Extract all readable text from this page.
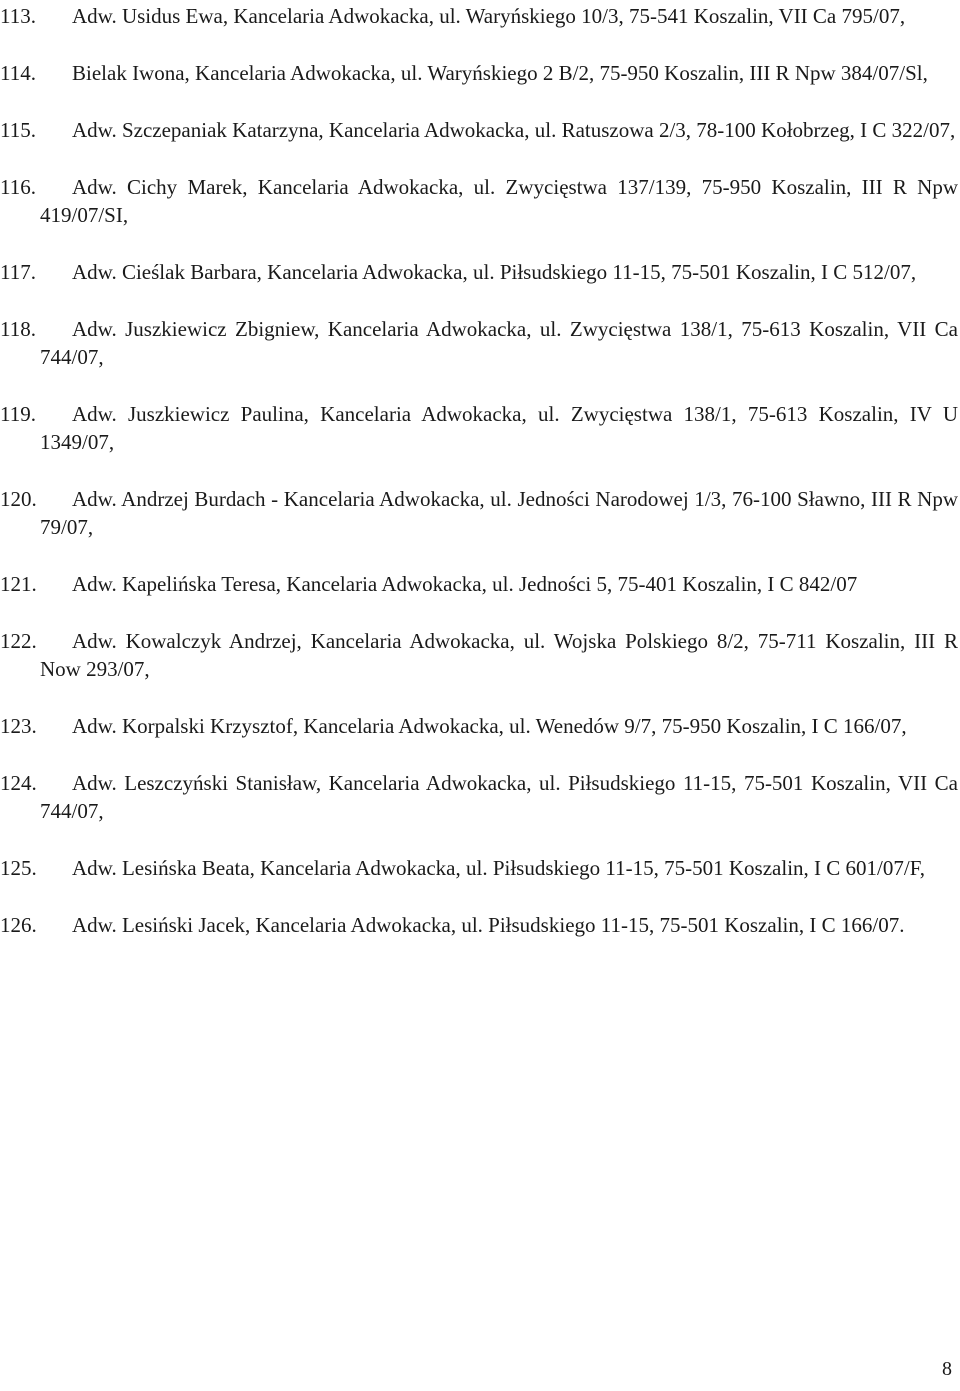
113.	Adw. Usidus Ewa, Kancelaria Adwokacka, ul. Waryńskiego 10/3, 75-541 Koszalin, VII Ca 795/07,
114.	Bielak Iwona, Kancelaria Adwokacka, ul. Waryńskiego 2 B/2, 75-950 Koszalin, III R Npw 384/07/Sl,
115.	Adw. Szczepaniak Katarzyna, Kancelaria Adwokacka, ul. Ratuszowa 2/3, 78-100 Kołobrzeg, I C 322/07,
116.	Adw. Cichy Marek, Kancelaria Adwokacka, ul. Zwycięstwa 137/139, 75-950 Koszalin, III R Npw 419/07/SI,
117.	Adw. Cieślak Barbara, Kancelaria Adwokacka, ul. Piłsudskiego 11-15, 75-501 Koszalin, I C 512/07,
118.	Adw. Juszkiewicz Zbigniew, Kancelaria Adwokacka, ul. Zwycięstwa 138/1, 75-613 Koszalin, VII Ca 744/07,
119.	Adw. Juszkiewicz Paulina, Kancelaria Adwokacka, ul. Zwycięstwa 138/1, 75-613 Koszalin, IV U 1349/07,
120.	Adw. Andrzej Burdach - Kancelaria Adwokacka, ul. Jedności Narodowej 1/3, 76-100 Sławno, III R Npw 79/07,
121.	Adw. Kapelińska Teresa, Kancelaria Adwokacka, ul. Jedności 5, 75-401 Koszalin, I C 842/07
122.	Adw. Kowalczyk Andrzej, Kancelaria Adwokacka, ul. Wojska Polskiego 8/2, 75-711 Koszalin, III R Now 293/07,
123.	Adw. Korpalski Krzysztof, Kancelaria Adwokacka, ul. Wenedów 9/7, 75-950 Koszalin, I C 166/07,
124.	Adw. Leszczyński Stanisław, Kancelaria Adwokacka, ul. Piłsudskiego 11-15, 75-501 Koszalin, VII Ca 744/07,
125.	Adw. Lesińska Beata, Kancelaria Adwokacka, ul. Piłsudskiego 11-15, 75-501 Koszalin, I C 601/07/F,
126.	Adw. Lesiński Jacek, Kancelaria Adwokacka, ul. Piłsudskiego 11-15, 75-501 Koszalin, I C 166/07.
8
